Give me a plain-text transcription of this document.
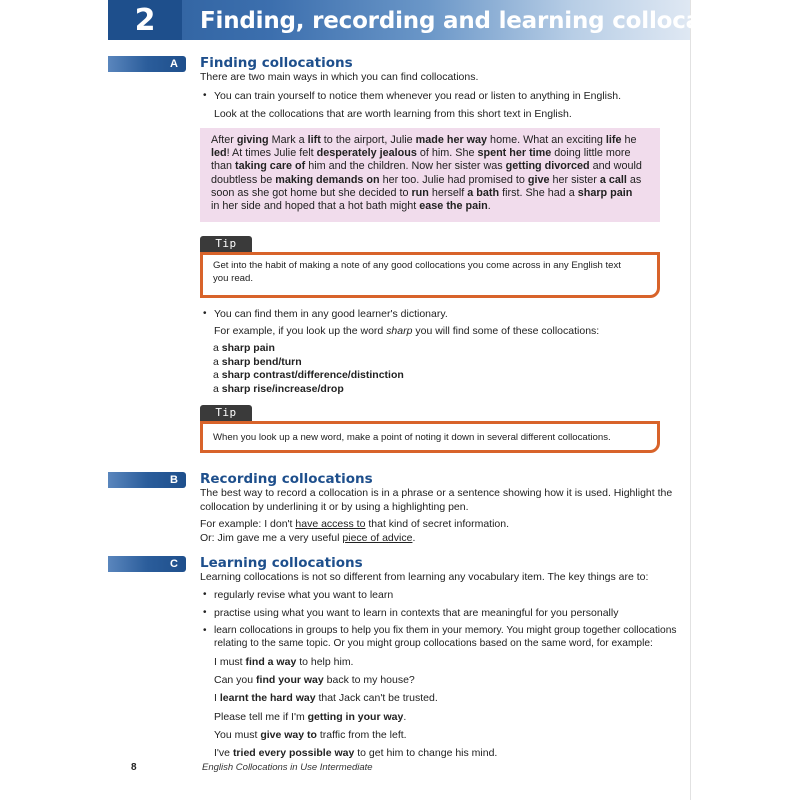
2	Finding, recording and learning collocations
A Finding collocations
There are two main ways in which you can find collocations.
• You can train yourself to notice them whenever you read or listen to anything in English.
Look at the collocations that are worth learning from this short text in English.

After giving Mark a lift to the airport, Julie made her way home. What an exciting life he

led! At times Julie felt desperately jealous of him. She spent her time doing little more

than taking care of him and the children. Now her sister was getting divorced and would

doubtless be making demands on her too. Julie had promised to give her sister a call as

soon as she got home but she decided to run herself a bath first. She had a sharp pain

in her side and hoped that a hot bath might ease the pain.

Tip

Get into the habit of making a note of any good collocations you come across in any English text

you read.

• You can find them in any good learner's dictionary.
For example, if you look up the word sharp you will find some of these collocations:
a sharp pain
a sharp bend/turn
a sharp contrast/difference/distinction
a sharp rise/increase/drop
Tip

When you look up a new word, make a point of noting it down in several different collocations.

B Recording collocations
The best way to record a collocation is in a phrase or a sentence showing how it is used. Highlight the
collocation by underlining it or by using a highlighting pen.
For example: I don't have access to that kind of secret information.
Or: Jim gave me a very useful piece of advice.
C Learning collocations
Learning collocations is not so different from learning any vocabulary item. The key things are to:
• regularly revise what you want to learn
• practise using what you want to learn in contexts that are meaningful for you personally
• learn collocations in groups to help you fix them in your memory. You might group together collocations
relating to the same topic. Or you might group collocations based on the same word, for example:
I must find a way to help him.
Can you find your way back to my house?
I learnt the hard way that Jack can't be trusted.
Please tell me if I'm getting in your way.
You must give way to traffic from the left.
I've tried every possible way to get him to change his mind.
8	English Collocations in Use Intermediate
